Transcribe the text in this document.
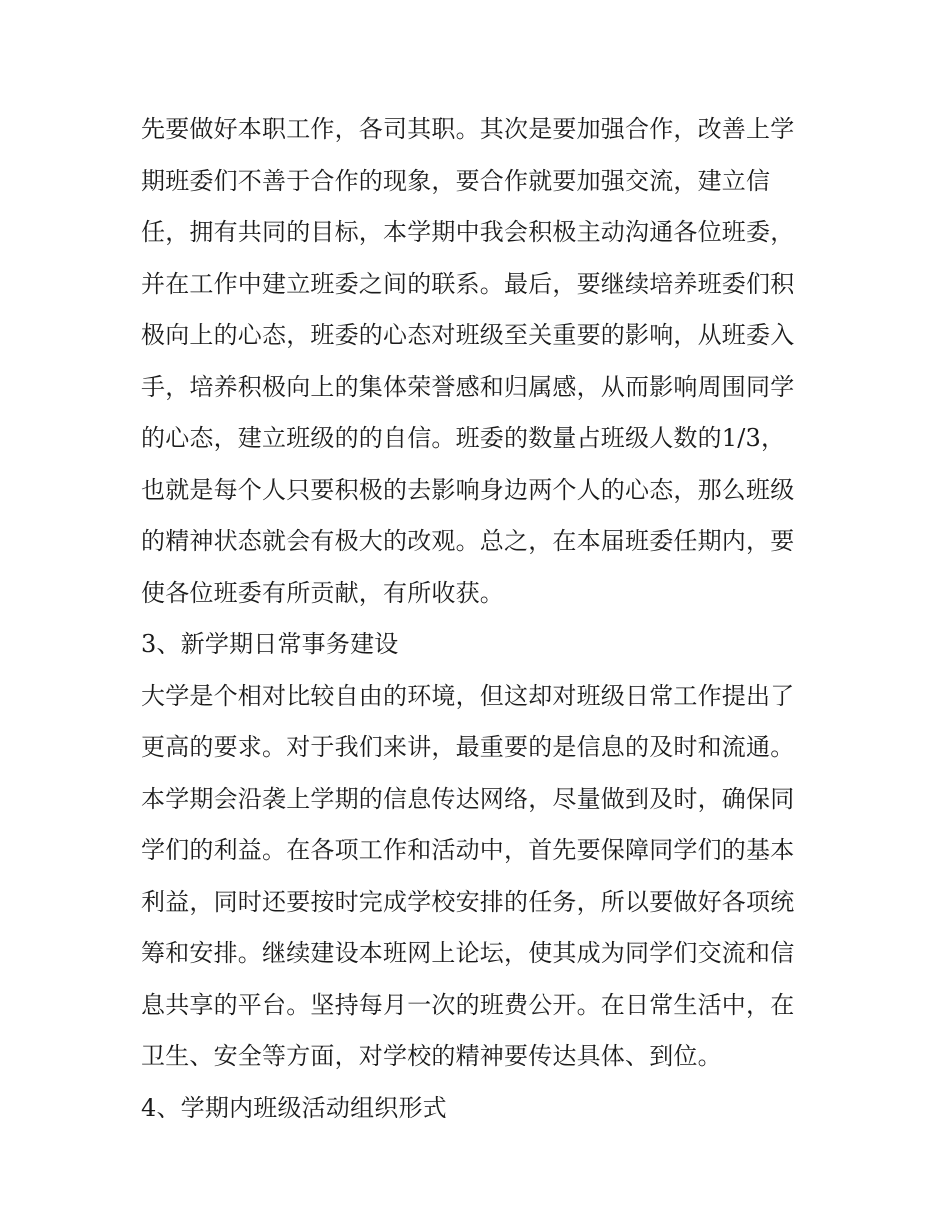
先要做好本职工作，各司其职。其次是要加强合作，改善上学
期班委们不善于合作的现象，要合作就要加强交流，建立信
任，拥有共同的目标，本学期中我会积极主动沟通各位班委，
并在工作中建立班委之间的联系。最后，要继续培养班委们积
极向上的心态，班委的心态对班级至关重要的影响，从班委入
手，培养积极向上的集体荣誉感和归属感，从而影响周围同学
的心态，建立班级的的自信。班委的数量占班级人数的1/3，
也就是每个人只要积极的去影响身边两个人的心态，那么班级
的精神状态就会有极大的改观。总之，在本届班委任期内，要
使各位班委有所贡献，有所收获。
3、新学期日常事务建设
大学是个相对比较自由的环境，但这却对班级日常工作提出了
更高的要求。对于我们来讲，最重要的是信息的及时和流通。
本学期会沿袭上学期的信息传达网络，尽量做到及时，确保同
学们的利益。在各项工作和活动中，首先要保障同学们的基本
利益，同时还要按时完成学校安排的任务，所以要做好各项统
筹和安排。继续建设本班网上论坛，使其成为同学们交流和信
息共享的平台。坚持每月一次的班费公开。在日常生活中，在
卫生、安全等方面，对学校的精神要传达具体、到位。
4、学期内班级活动组织形式
